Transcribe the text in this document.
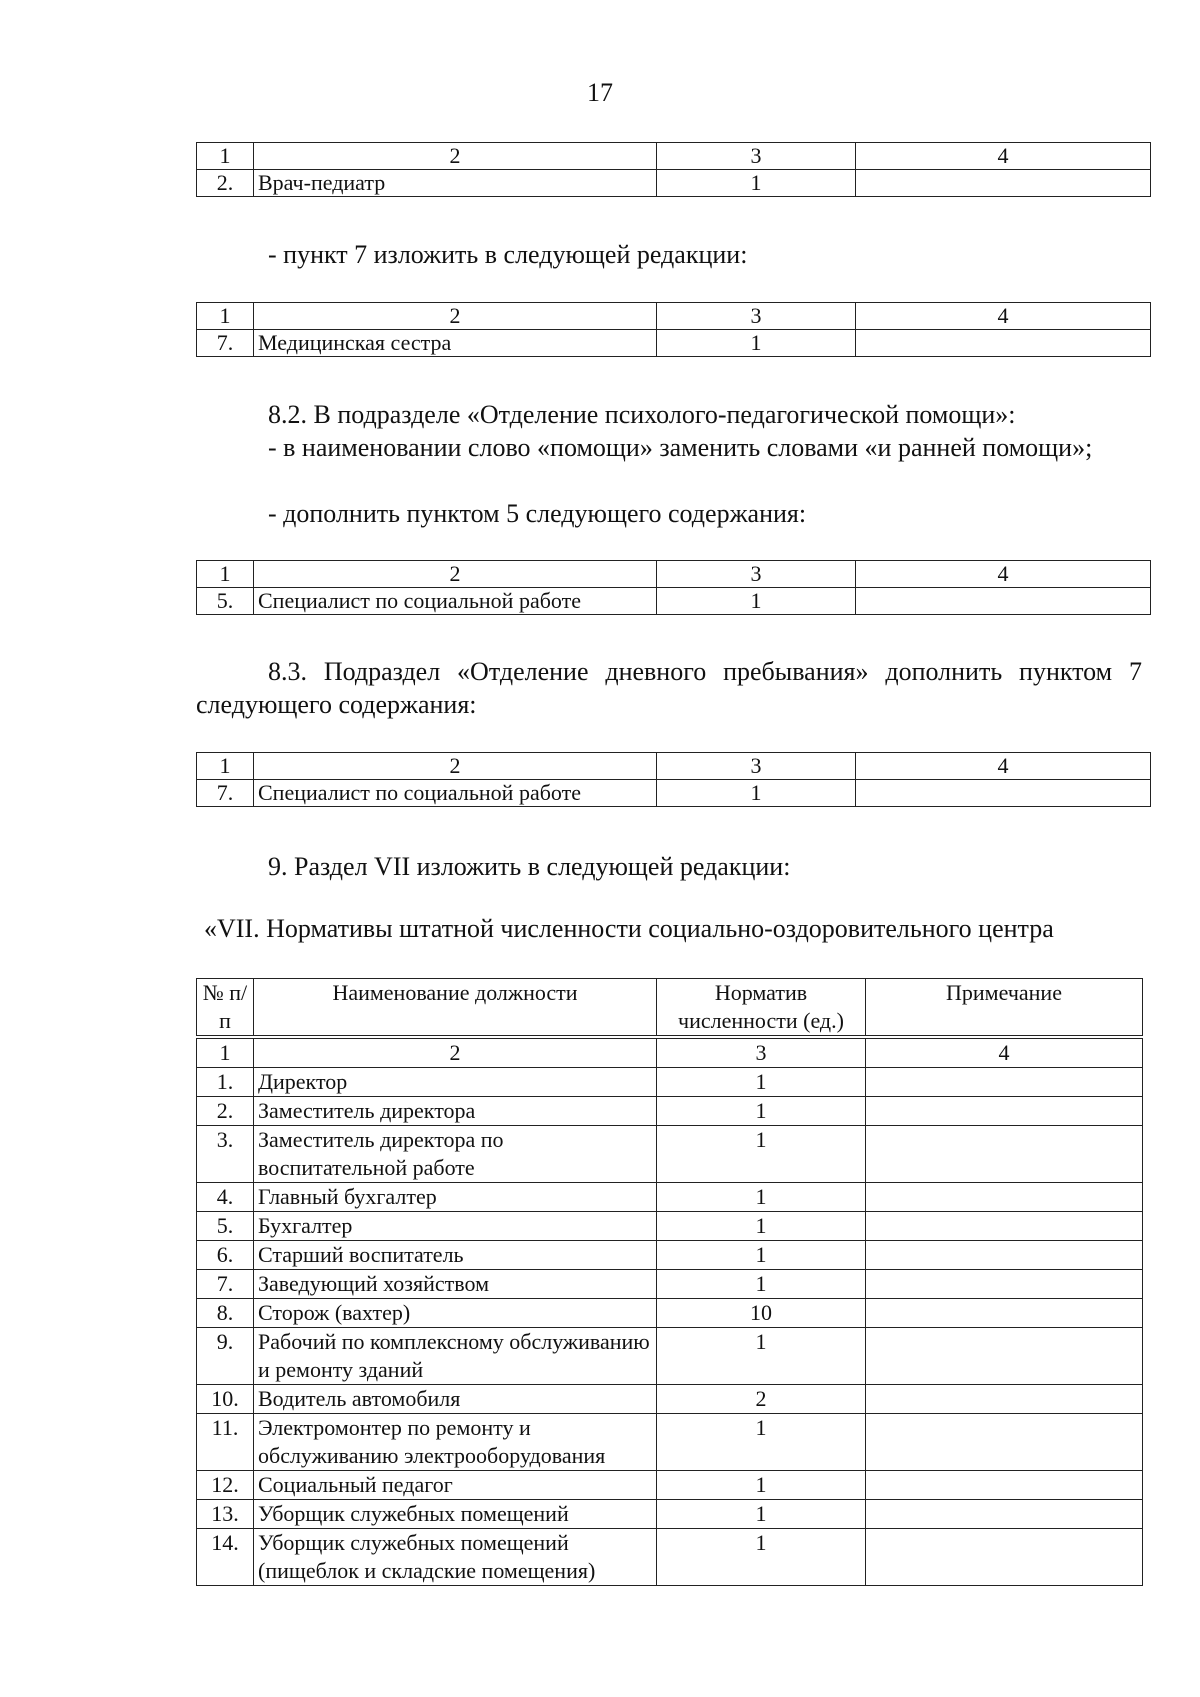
17
1	2	3	4
2.	Врач-педиатр	1	
- пункт 7 изложить в следующей редакции:
1	2	3	4
7.	Медицинская сестра	1	
8.2. В подразделе «Отделение психолого-педагогической помощи»:
- в наименовании слово «помощи» заменить словами «и ранней помощи»;
- дополнить пунктом 5 следующего содержания:
1	2	3	4
5.	Специалист по социальной работе	1	
8.3. Подраздел «Отделение дневного пребывания» дополнить пунктом 7 следующего содержания:
1	2	3	4
7.	Специалист по социальной работе	1	
9. Раздел VII изложить в следующей редакции:
«VII. Нормативы штатной численности социально-оздоровительного центра
№ п/п	Наименование должности	Норматив численности (ед.)	Примечание
1	2	3	4
1.	Директор	1	
2.	Заместитель директора	1	
3.	Заместитель директора по воспитательной работе	1	
4.	Главный бухгалтер	1	
5.	Бухгалтер	1	
6.	Старший воспитатель	1	
7.	Заведующий хозяйством	1	
8.	Сторож (вахтер)	10	
9.	Рабочий по комплексному обслуживанию и ремонту зданий	1	
10.	Водитель автомобиля	2	
11.	Электромонтер по ремонту и обслуживанию электрооборудования	1	
12.	Социальный педагог	1	
13.	Уборщик служебных помещений	1	
14.	Уборщик служебных помещений (пищеблок и складские помещения)	1	
